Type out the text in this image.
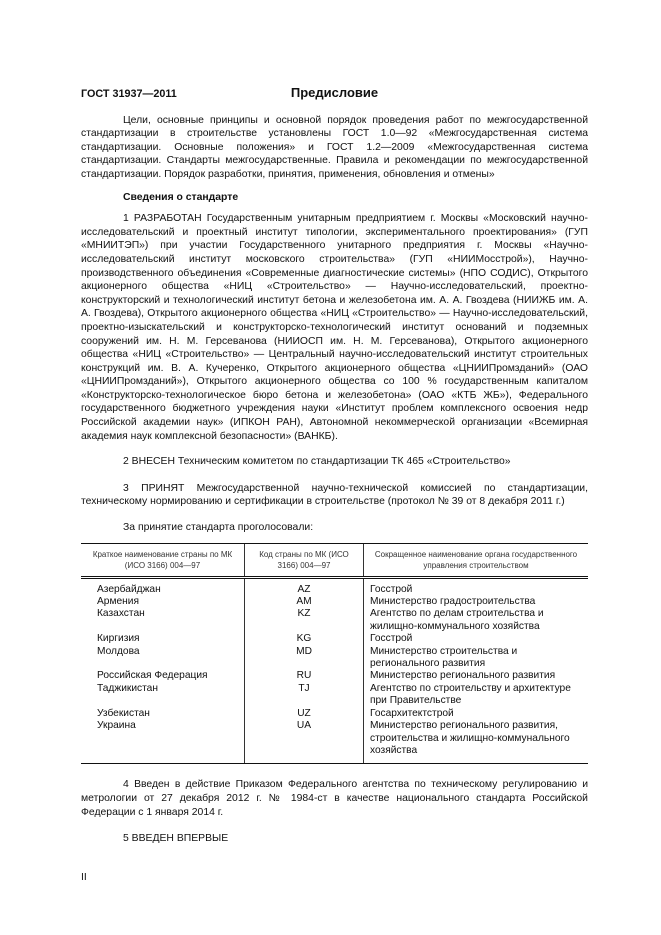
ГОСТ 31937—2011	Предисловие
Цели, основные принципы и основной порядок проведения работ по межгосударственной стандартизации в строительстве установлены ГОСТ 1.0—92 «Межгосударственная система стандартизации. Основные положения» и ГОСТ 1.2—2009 «Межгосударственная система стандартизации. Стандарты межгосударственные. Правила и рекомендации по межгосударственной стандартизации. Порядок разработки, принятия, применения, обновления и отмены»
Сведения о стандарте
1 РАЗРАБОТАН Государственным унитарным предприятием г. Москвы «Московский научно-исследовательский и проектный институт типологии, экспериментального проектирования» (ГУП «МНИИТЭП») при участии Государственного унитарного предприятия г. Москвы «Научно-исследовательский институт московского строительства» (ГУП «НИИМосстрой»), Научно-производственного объединения «Современные диагностические системы» (НПО СОДИС), Открытого акционерного общества «НИЦ «Строительство» — Научно-исследовательский, проектно-конструкторский и технологический институт бетона и железобетона им. А. А. Гвоздева (НИИЖБ им. А. А. Гвоздева), Открытого акционерного общества «НИЦ «Строительство» — Научно-исследовательский, проектно-изыскательский и конструкторско-технологический институт оснований и подземных сооружений им. Н. М. Герсеванова (НИИОСП им. Н. М. Герсеванова), Открытого акционерного общества «НИЦ «Строительство» — Центральный научно-исследовательский институт строительных конструкций им. В. А. Кучеренко, Открытого акционерного общества «ЦНИИПромзданий» (ОАО «ЦНИИПромзданий»), Открытого акционерного общества со 100 % государственным капиталом «Конструкторско-технологическое бюро бетона и железобетона» (ОАО «КТБ ЖБ»), Федерального государственного бюджетного учреждения науки «Институт проблем комплексного освоения недр Российской академии наук» (ИПКОН РАН), Автономной некоммерческой организации «Всемирная академия наук комплексной безопасности» (ВАНКБ).
2 ВНЕСЕН Техническим комитетом по стандартизации ТК 465 «Строительство»
3 ПРИНЯТ Межгосударственной научно-технической комиссией по стандартизации, техническому нормированию и сертификации в строительстве (протокол № 39 от 8 декабря 2011 г.)
За принятие стандарта проголосовали:
Краткое наименование страны по МК (ИСО 3166) 004—97	Код страны по МК (ИСО 3166) 004—97	Сокращенное наименование органа государственного управления строительством
Азербайджан	AZ	Госстрой
Армения	AM	Министерство градостроительства
Казахстан	KZ	Агентство по делам строительства и жилищно-коммунального хозяйства
Киргизия	KG	Госстрой
Молдова	MD	Министерство строительства и регионального развития
Российская Федерация	RU	Министерство регионального развития
Таджикистан	TJ	Агентство по строительству и архитектуре при Правительстве
Узбекистан	UZ	Госархитектстрой
Украина	UA	Министерство регионального развития, строительства и жилищно-коммунального хозяйства
4 Введен в действие Приказом Федерального агентства по техническому регулированию и метрологии от 27 декабря 2012 г. № 1984-ст в качестве национального стандарта Российской Федерации с 1 января 2014 г.
5 ВВЕДЕН ВПЕРВЫЕ
II
